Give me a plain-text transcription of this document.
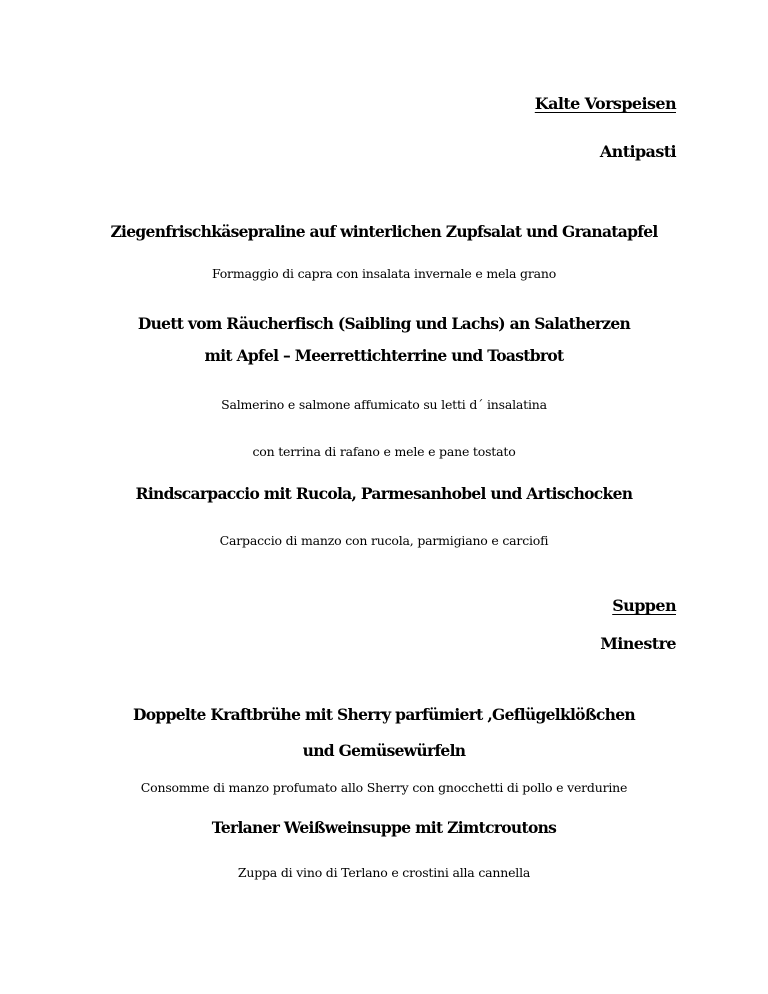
Kalte Vorspeisen

Antipasti

Ziegenfrischkäsepraline auf winterlichen Zupfsalat und Granatapfel

Formaggio di capra con insalata invernale e mela grano

Duett vom Räucherfisch (Saibling und Lachs) an Salatherzen

mit Apfel – Meerrettichterrine und Toastbrot

Salmerino e salmone affumicato su letti d´ insalatina

con terrina di rafano e mele e pane tostato

Rindscarpaccio mit Rucola, Parmesanhobel und Artischocken

Carpaccio di manzo con rucola, parmigiano e carciofi

Suppen

Minestre

Doppelte Kraftbrühe mit Sherry parfümiert ,Geflügelklößchen

und Gemüsewürfeln

Consomme di manzo profumato allo Sherry con gnocchetti di pollo e verdurine

Terlaner Weißweinsuppe mit Zimtcroutons

Zuppa di vino di Terlano e crostini alla cannella
